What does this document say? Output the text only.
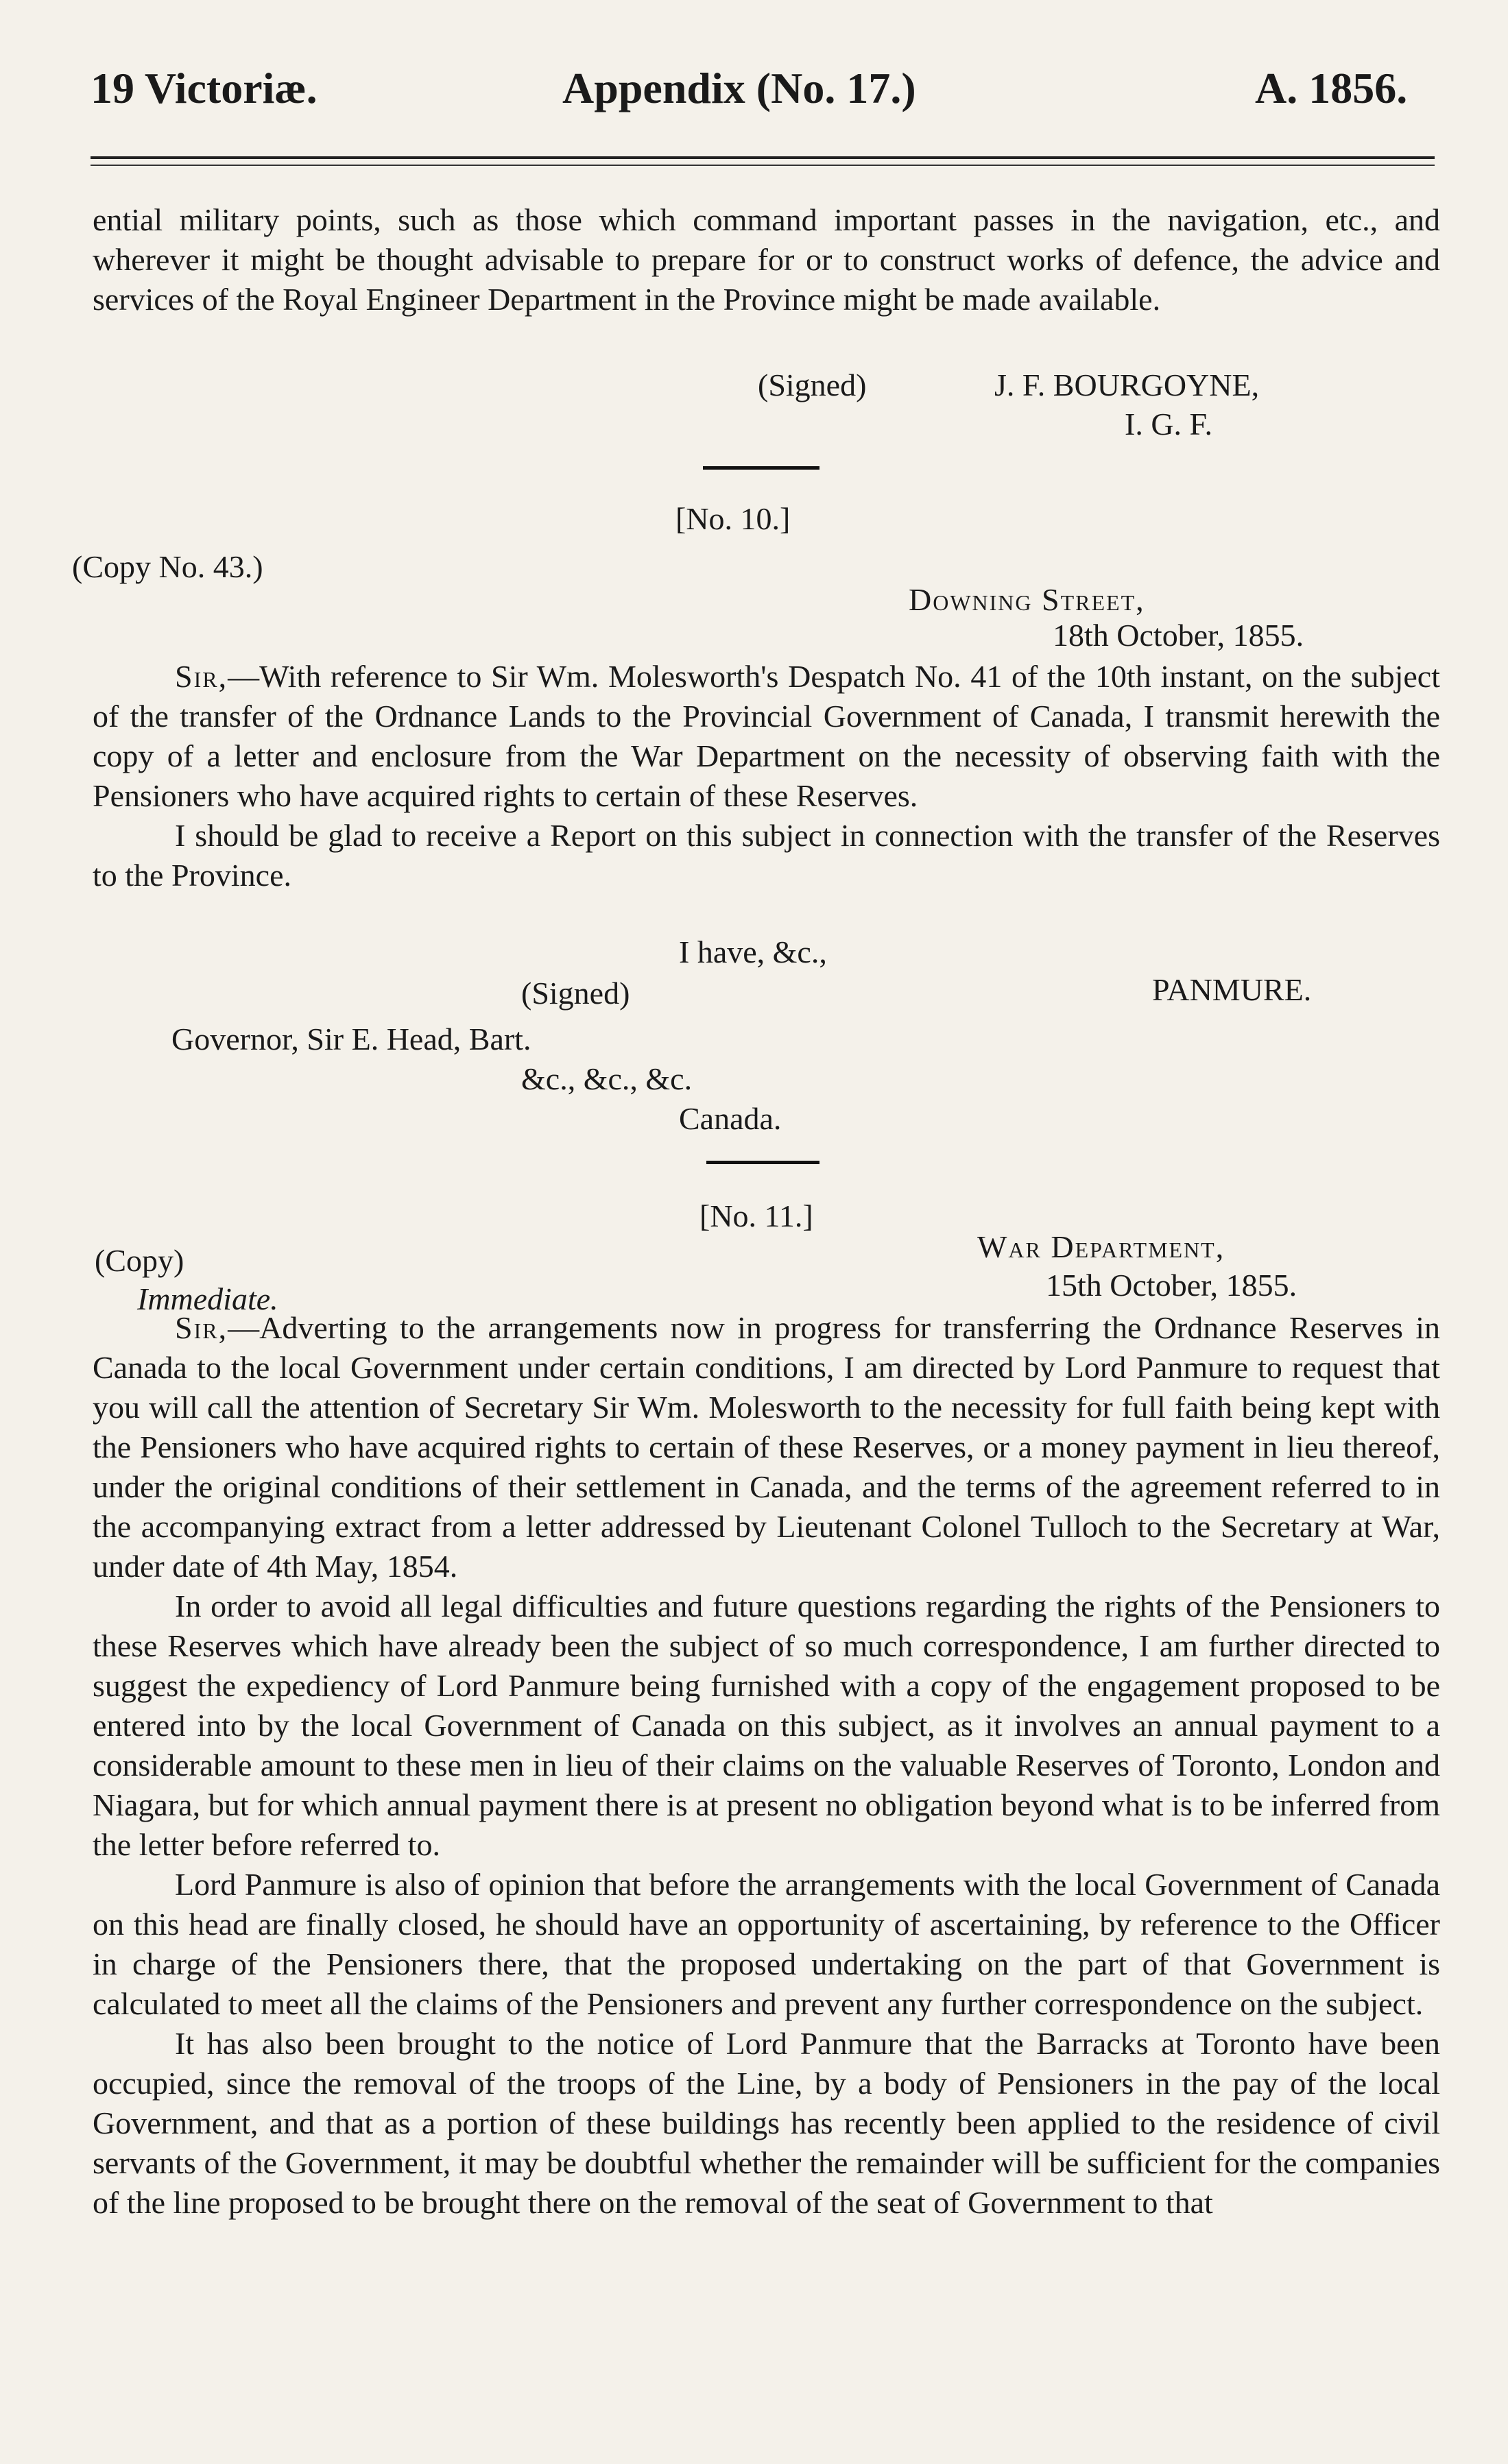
19 Victoriæ.	Appendix (No. 17.)	A. 1856.

ential military points, such as those which command important passes in the navigation, etc., and wherever it might be thought advisable to prepare for or to construct works of defence, the advice and services of the Royal Engineer Department in the Province might be made available.

(Signed)	J. F. BOURGOYNE,
I. G. F.
[No. 10.]
(Copy No. 43.)
Downing Street,
18th October, 1855.

Sir,—With reference to Sir Wm. Molesworth's Despatch No. 41 of the 10th instant, on the subject of the transfer of the Ordnance Lands to the Provincial Government of Canada, I transmit herewith the copy of a letter and enclosure from the War Department on the necessity of observing faith with the Pensioners who have acquired rights to certain of these Reserves.

I should be glad to receive a Report on this subject in connection with the transfer of the Reserves to the Province.

I have, &c.,
(Signed)	PANMURE.
Governor, Sir E. Head, Bart.
&c., &c., &c.
Canada.
[No. 11.]
(Copy)	War Department,
Immediate.	15th October, 1855.

Sir,—Adverting to the arrangements now in progress for transferring the Ordnance Reserves in Canada to the local Government under certain conditions, I am directed by Lord Panmure to request that you will call the attention of Secretary Sir Wm. Molesworth to the necessity for full faith being kept with the Pensioners who have acquired rights to certain of these Reserves, or a money payment in lieu thereof, under the original conditions of their settlement in Canada, and the terms of the agreement referred to in the accompanying extract from a letter addressed by Lieutenant Colonel Tulloch to the Secretary at War, under date of 4th May, 1854.

In order to avoid all legal difficulties and future questions regarding the rights of the Pensioners to these Reserves which have already been the subject of so much correspondence, I am further directed to suggest the expediency of Lord Panmure being furnished with a copy of the engagement proposed to be entered into by the local Government of Canada on this subject, as it involves an annual payment to a considerable amount to these men in lieu of their claims on the valuable Reserves of Toronto, London and Niagara, but for which annual payment there is at present no obligation beyond what is to be inferred from the letter before referred to.

Lord Panmure is also of opinion that before the arrangements with the local Government of Canada on this head are finally closed, he should have an opportunity of ascertaining, by reference to the Officer in charge of the Pensioners there, that the proposed undertaking on the part of that Government is calculated to meet all the claims of the Pensioners and prevent any further correspondence on the subject.

It has also been brought to the notice of Lord Panmure that the Barracks at Toronto have been occupied, since the removal of the troops of the Line, by a body of Pensioners in the pay of the local Government, and that as a portion of these buildings has recently been applied to the residence of civil servants of the Government, it may be doubtful whether the remainder will be sufficient for the companies of the line proposed to be brought there on the removal of the seat of Government to that
